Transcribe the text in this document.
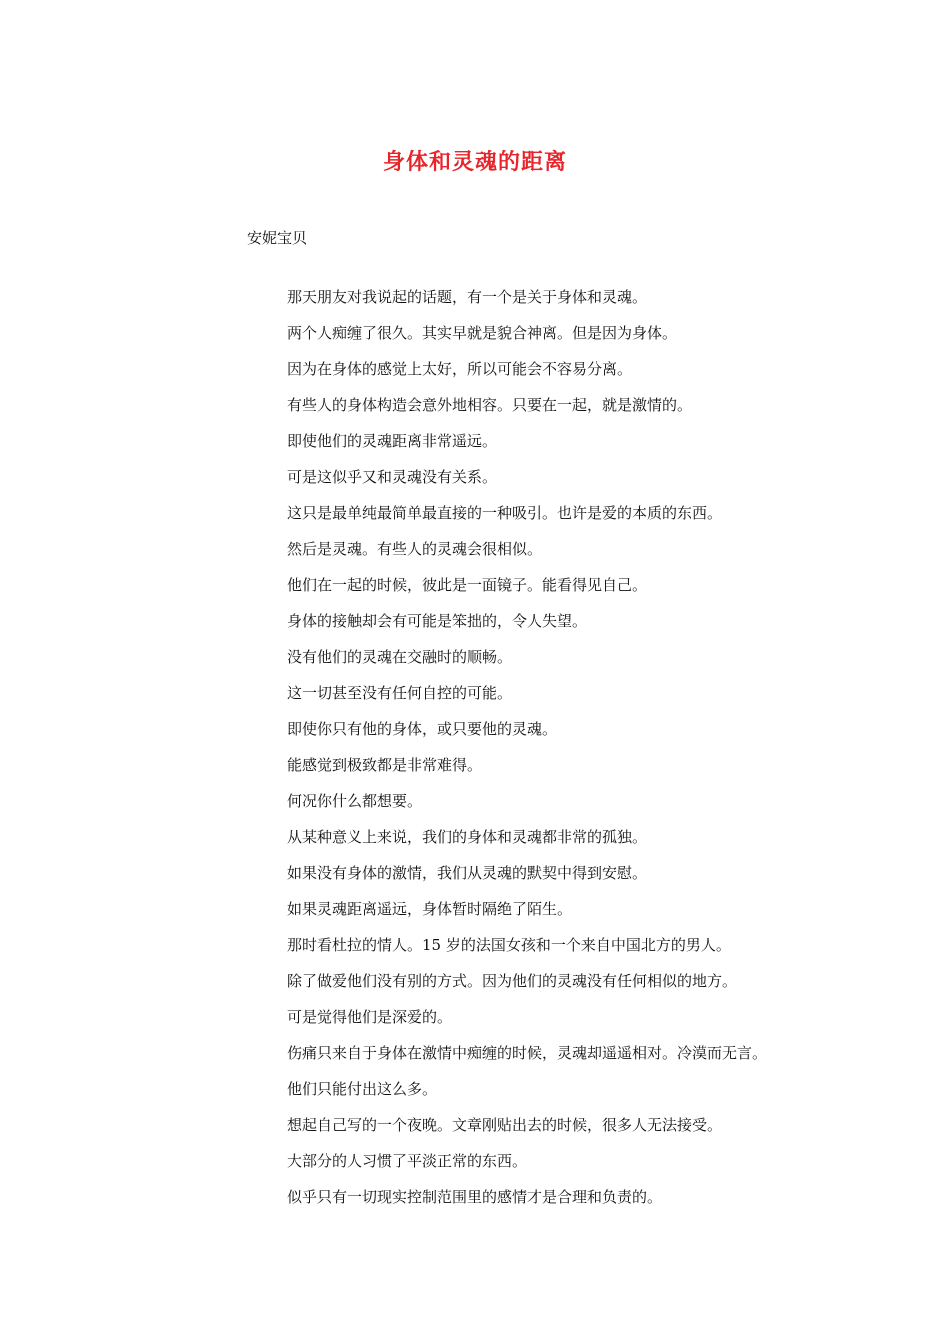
身体和灵魂的距离
安妮宝贝
那天朋友对我说起的话题，有一个是关于身体和灵魂。
两个人痴缠了很久。其实早就是貌合神离。但是因为身体。
因为在身体的感觉上太好，所以可能会不容易分离。
有些人的身体构造会意外地相容。只要在一起，就是激情的。
即使他们的灵魂距离非常遥远。
可是这似乎又和灵魂没有关系。
这只是最单纯最简单最直接的一种吸引。也许是爱的本质的东西。
然后是灵魂。有些人的灵魂会很相似。
他们在一起的时候，彼此是一面镜子。能看得见自己。
身体的接触却会有可能是笨拙的，令人失望。
没有他们的灵魂在交融时的顺畅。
这一切甚至没有任何自控的可能。
即使你只有他的身体，或只要他的灵魂。
能感觉到极致都是非常难得。
何况你什么都想要。
从某种意义上来说，我们的身体和灵魂都非常的孤独。
如果没有身体的激情，我们从灵魂的默契中得到安慰。
如果灵魂距离遥远，身体暂时隔绝了陌生。
那时看杜拉的情人。15 岁的法国女孩和一个来自中国北方的男人。
除了做爱他们没有别的方式。因为他们的灵魂没有任何相似的地方。
可是觉得他们是深爱的。
伤痛只来自于身体在激情中痴缠的时候，灵魂却遥遥相对。冷漠而无言。
他们只能付出这么多。
想起自己写的一个夜晚。文章刚贴出去的时候，很多人无法接受。
大部分的人习惯了平淡正常的东西。
似乎只有一切现实控制范围里的感情才是合理和负责的。
